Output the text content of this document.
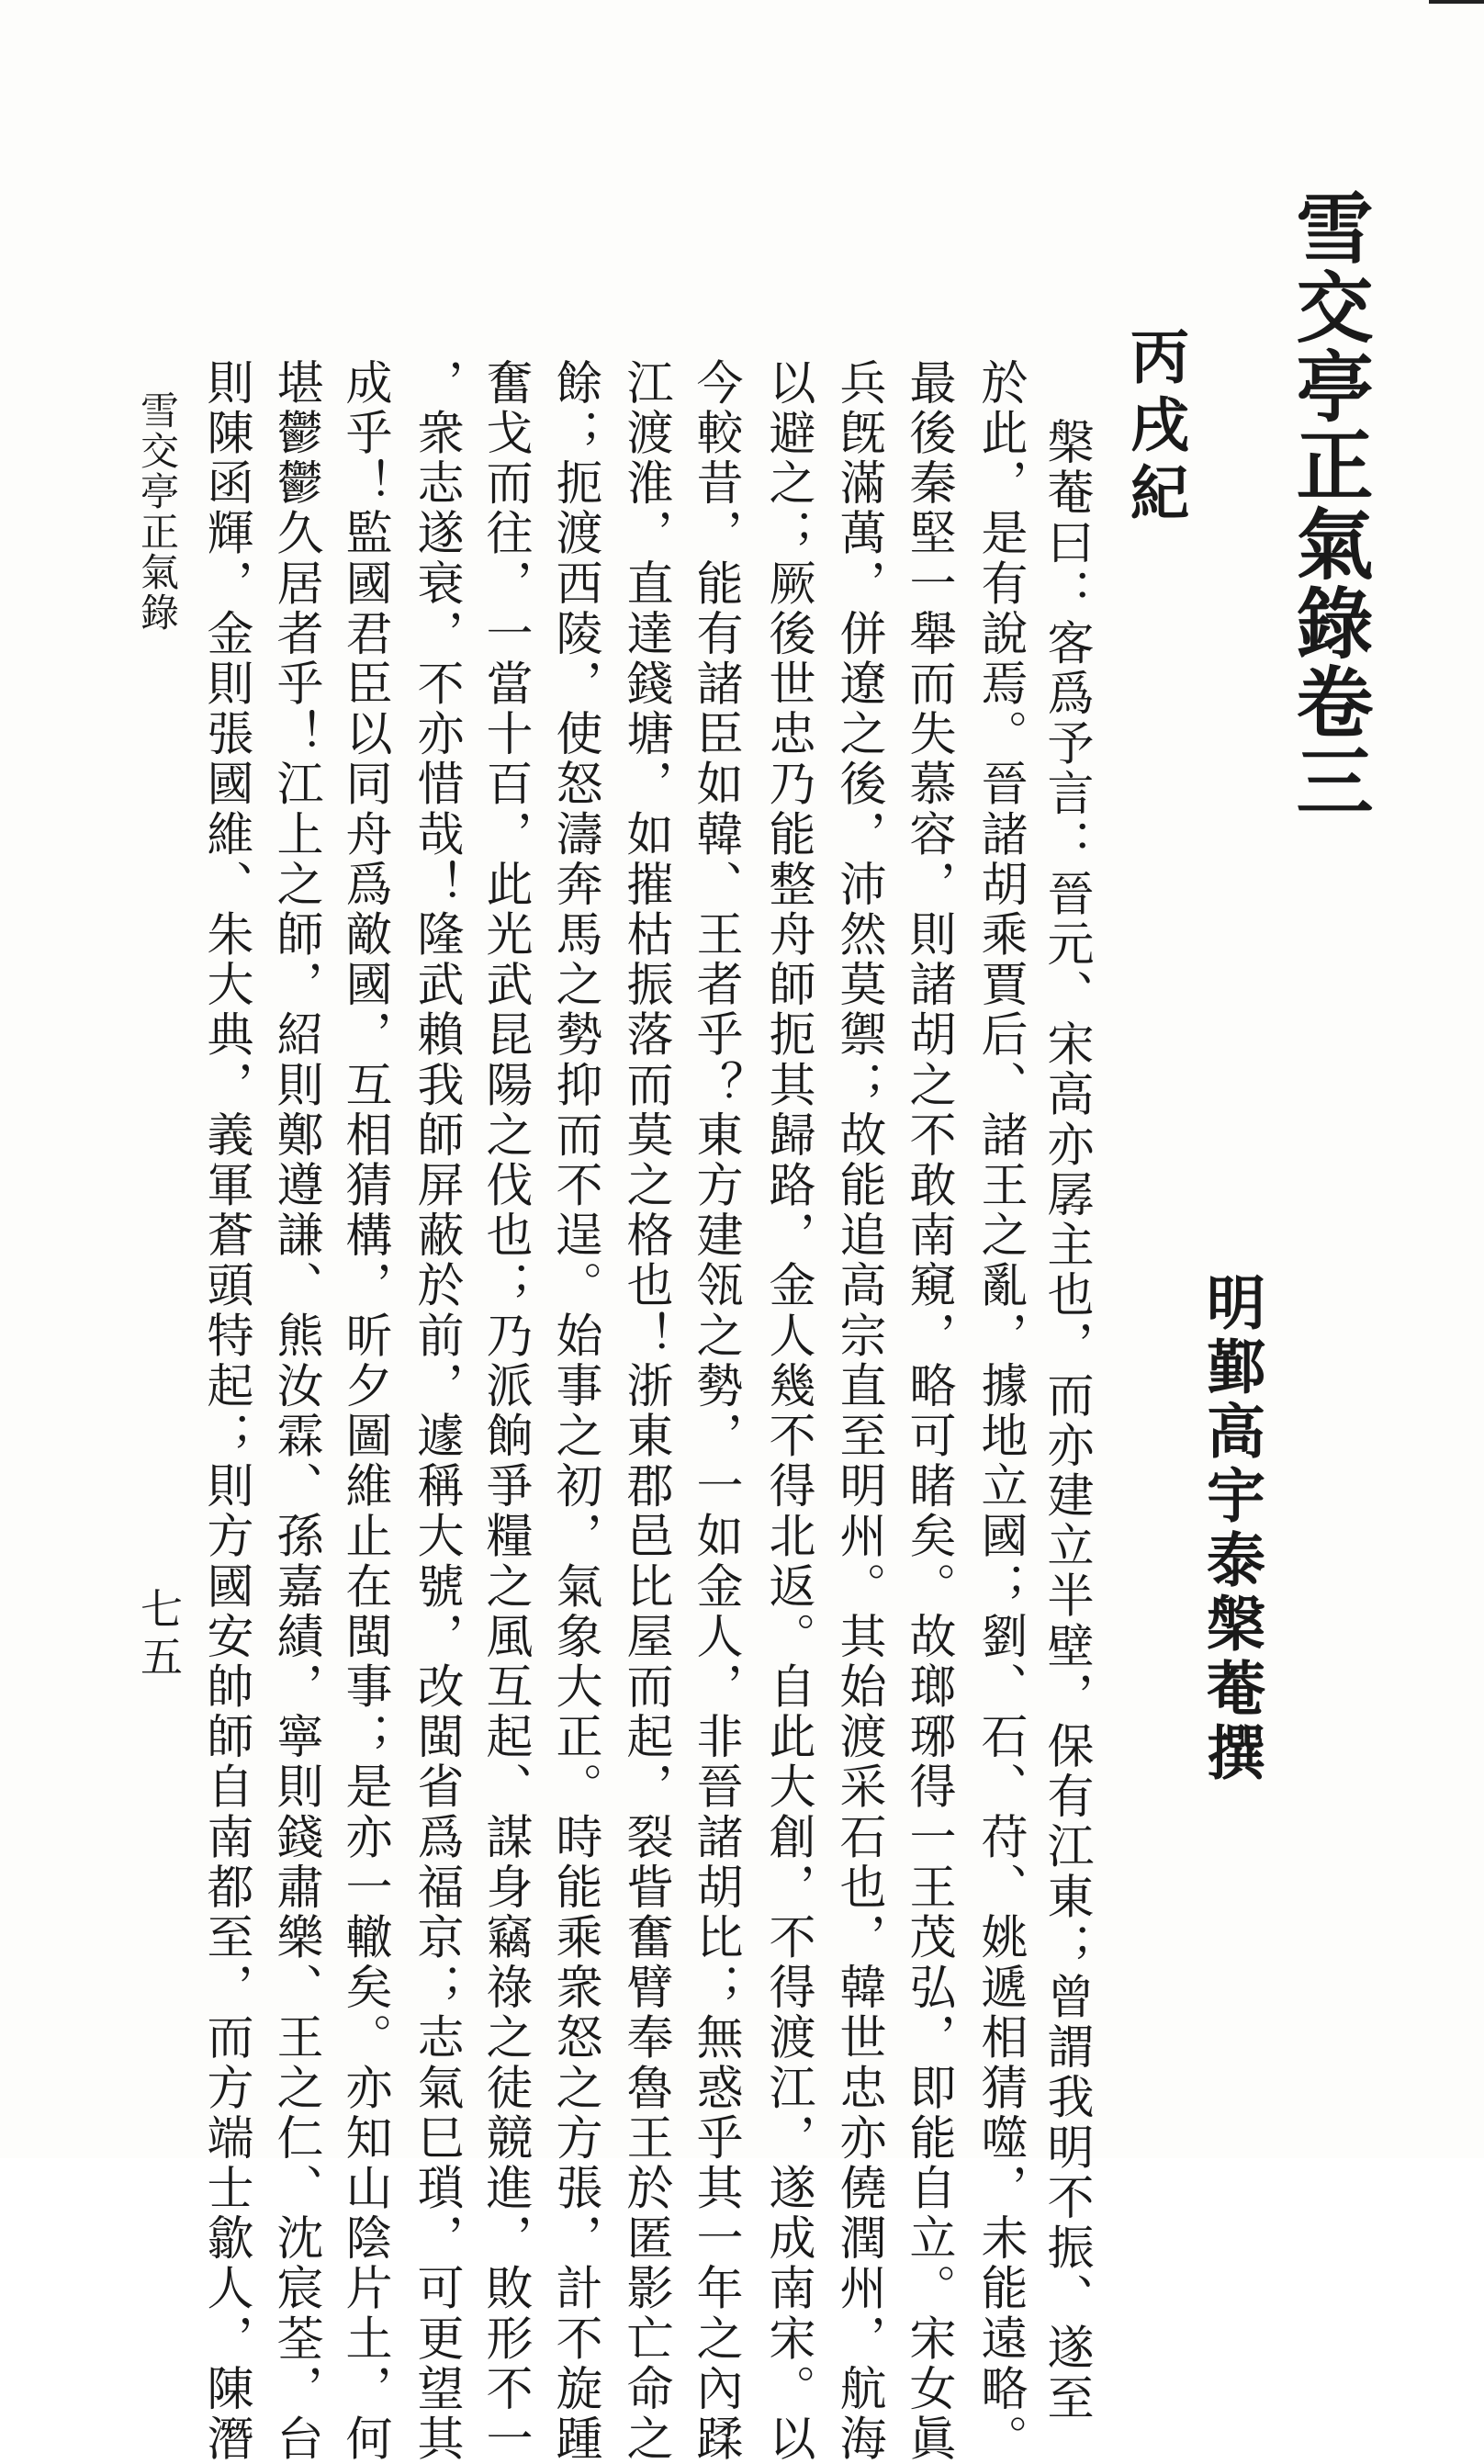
雪交亭正氣錄卷三
明鄞高宇泰槃菴撰
丙戌紀
槃菴曰：客爲予言：晉元、宋高亦孱主也，而亦建立半壁，保有江東；曾謂我明不振、遂至
於此，是有說焉。晉諸胡乘賈后、諸王之亂，據地立國；劉、石、苻、姚遞相猜噬，未能遠略。
最後秦堅一舉而失慕容，則諸胡之不敢南窺，略可睹矣。故瑯琊得一王茂弘，即能自立。宋女眞
兵旣滿萬，併遼之後，沛然莫禦；故能追高宗直至明州。其始渡采石也，韓世忠亦僥潤州，航海
以避之；厥後世忠乃能整舟師扼其歸路，金人幾不得北返。自此大創，不得渡江，遂成南宋。以
今較昔，能有諸臣如韓、王者乎？東方建瓴之勢，一如金人，非晉諸胡比；無惑乎其一年之內蹂
江渡淮，直達錢塘，如摧枯振落而莫之格也！浙東郡邑比屋而起，裂眥奮臂奉魯王於匿影亡命之
餘；扼渡西陵，使怒濤奔馬之勢抑而不逞。始事之初，氣象大正。時能乘衆怒之方張，計不旋踵
奮戈而往，一當十百，此光武昆陽之伐也；乃派餉爭糧之風互起、謀身竊祿之徒競進，敗形不一
，衆志遂衰，不亦惜哉！隆武賴我師屏蔽於前，遽稱大號，改閩省爲福京；志氣巳瑣，可更望其
成乎！監國君臣以同舟爲敵國，互相猜構，昕夕圖維止在閩事；是亦一轍矣。亦知山陰片土，何
堪鬱鬱久居者乎！江上之師，紹則鄭遵謙、熊汝霖、孫嘉績，寧則錢肅樂、王之仁、沈宸荃，台
則陳函輝，金則張國維、朱大典，義軍蒼頭特起；則方國安帥師自南都至，而方端士歙人，陳潛
雪交亭正氣錄
七五
